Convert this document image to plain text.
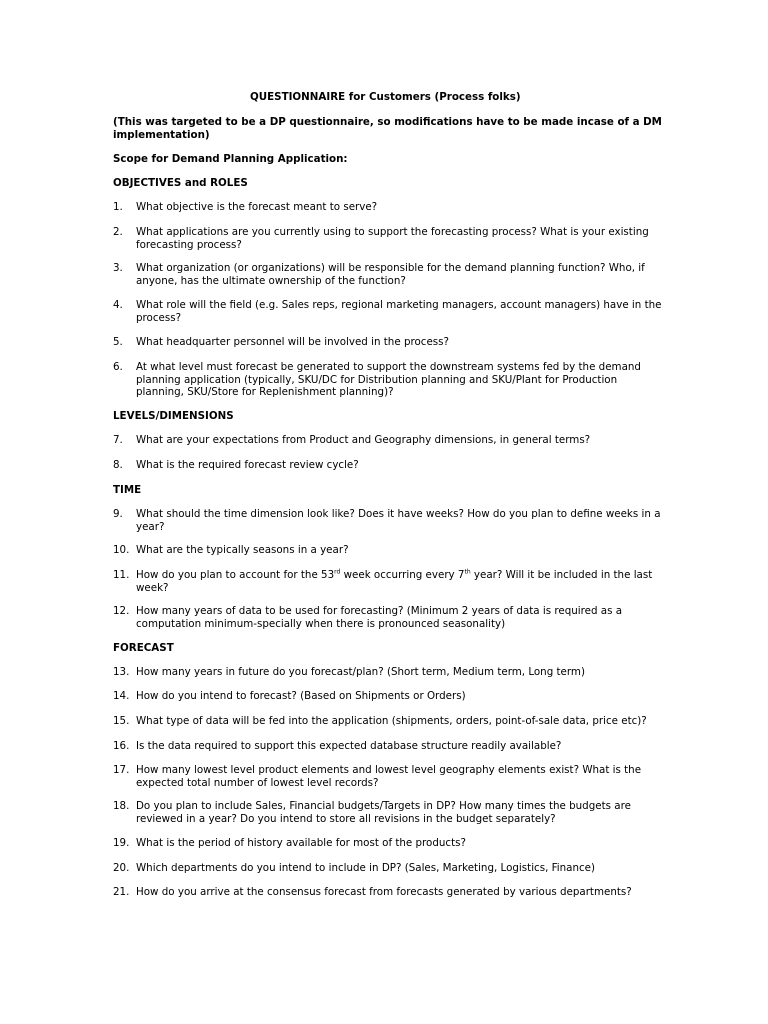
QUESTIONNAIRE for Customers (Process folks)
(This was targeted to be a DP questionnaire, so modifications have to be made incase of a DM implementation)
Scope for Demand Planning Application:
OBJECTIVES and ROLES
1. What objective is the forecast meant to serve?
2. What applications are you currently using to support the forecasting process? What is your existing forecasting process?
3. What organization (or organizations) will be responsible for the demand planning function? Who, if anyone, has the ultimate ownership of the function?
4. What role will the field (e.g. Sales reps, regional marketing managers, account managers) have in the process?
5. What headquarter personnel will be involved in the process?
6. At what level must forecast be generated to support the downstream systems fed by the demand planning application (typically, SKU/DC for Distribution planning and SKU/Plant for Production planning, SKU/Store for Replenishment planning)?
LEVELS/DIMENSIONS
7. What are your expectations from Product and Geography dimensions, in general terms?
8. What is the required forecast review cycle?
TIME
9. What should the time dimension look like? Does it have weeks? How do you plan to define weeks in a year?
10. What are the typically seasons in a year?
11. How do you plan to account for the 53rd week occurring every 7th year? Will it be included in the last week?
12. How many years of data to be used for forecasting? (Minimum 2 years of data is required as a computation minimum-specially when there is pronounced seasonality)
FORECAST
13. How many years in future do you forecast/plan? (Short term, Medium term, Long term)
14. How do you intend to forecast? (Based on Shipments or Orders)
15. What type of data will be fed into the application (shipments, orders, point-of-sale data, price etc)?
16. Is the data required to support this expected database structure readily available?
17. How many lowest level product elements and lowest level geography elements exist? What is the expected total number of lowest level records?
18. Do you plan to include Sales, Financial budgets/Targets in DP? How many times the budgets are reviewed in a year? Do you intend to store all revisions in the budget separately?
19. What is the period of history available for most of the products?
20. Which departments do you intend to include in DP? (Sales, Marketing, Logistics, Finance)
21. How do you arrive at the consensus forecast from forecasts generated by various departments?
